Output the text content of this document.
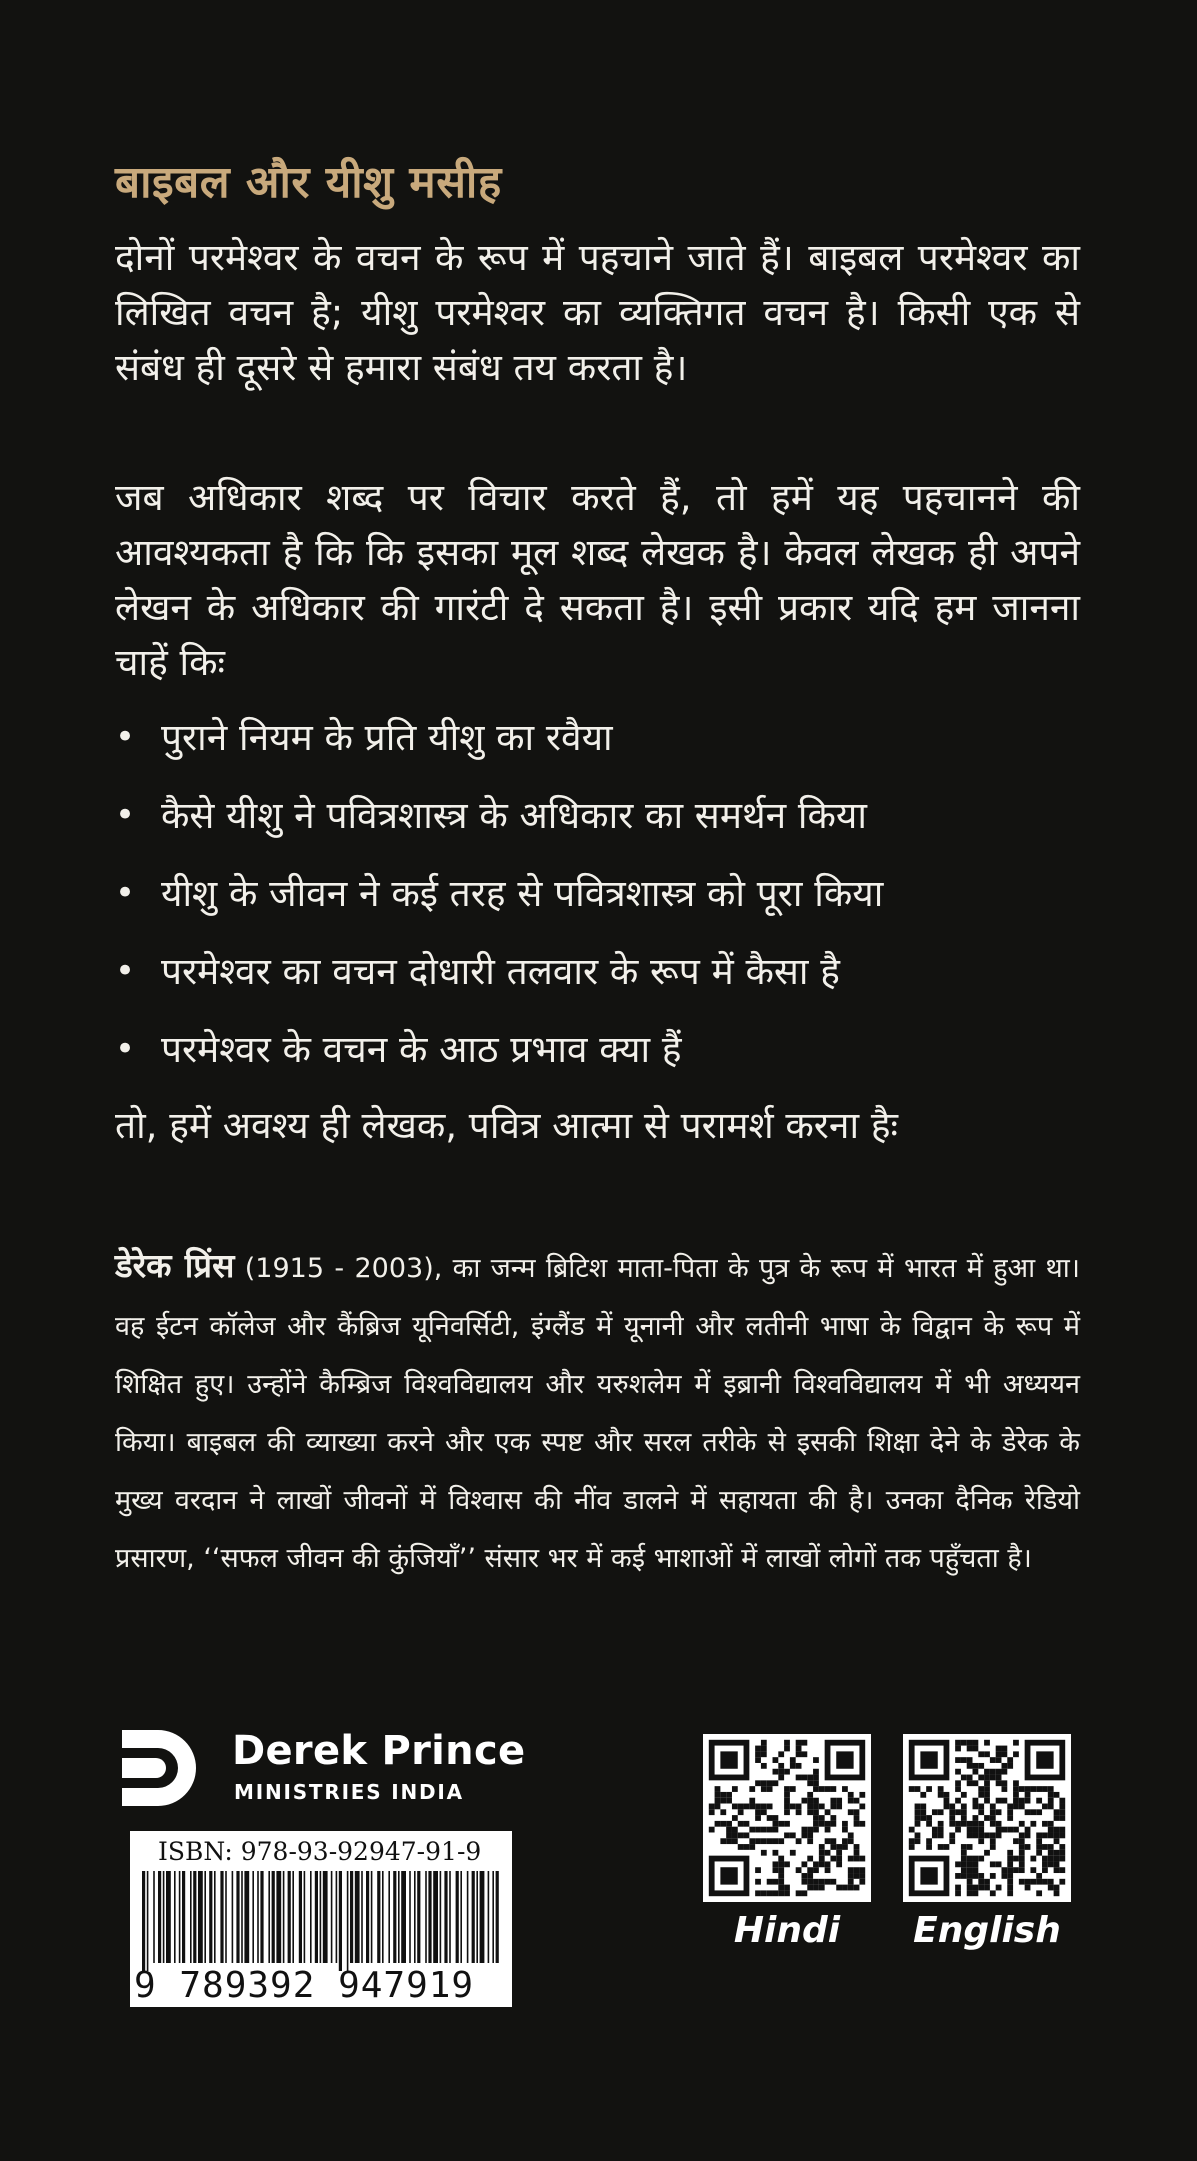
बाइबल और यीशु मसीह

दोनों परमेश्वर के वचन के रूप में पहचाने जाते हैं। बाइबल परमेश्वर का लिखित वचन है; यीशु परमेश्वर का व्यक्तिगत वचन है। किसी एक से संबंध ही दूसरे से हमारा संबंध तय करता है।

जब अधिकार शब्द पर विचार करते हैं, तो हमें यह पहचानने की आवश्यकता है कि कि इसका मूल शब्द लेखक है। केवल लेखक ही अपने लेखन के अधिकार की गारंटी दे सकता है। इसी प्रकार यदि हम जानना चाहें किः

• पुराने नियम के प्रति यीशु का रवैया
• कैसे यीशु ने पवित्रशास्त्र के अधिकार का समर्थन किया
• यीशु के जीवन ने कई तरह से पवित्रशास्त्र को पूरा किया
• परमेश्वर का वचन दोधारी तलवार के रूप में कैसा है
• परमेश्वर के वचन के आठ प्रभाव क्या हैं

तो, हमें अवश्य ही लेखक, पवित्र आत्मा से परामर्श करना हैः

डेरेक प्रिंस (1915 - 2003), का जन्म ब्रिटिश माता-पिता के पुत्र के रूप में भारत में हुआ था। वह ईटन कॉलेज और कैंब्रिज यूनिवर्सिटी, इंग्लैंड में यूनानी और लतीनी भाषा के विद्वान के रूप में शिक्षित हुए। उन्होंने कैम्ब्रिज विश्वविद्यालय और यरुशलेम में इब्रानी विश्वविद्यालय में भी अध्ययन किया। बाइबल की व्याख्या करने और एक स्पष्ट और सरल तरीके से इसकी शिक्षा देने के डेरेक के मुख्य वरदान ने लाखों जीवनों में विश्वास की नींव डालने में सहायता की है। उनका दैनिक रेडियो प्रसारण, ‘‘सफल जीवन की कुंजियाँ’’ संसार भर में कई भाशाओं में लाखों लोगों तक पहुँचता है।

Derek Prince
MINISTRIES INDIA
ISBN: 978-93-92947-91-9
9 789392 947919
Hindi	English
